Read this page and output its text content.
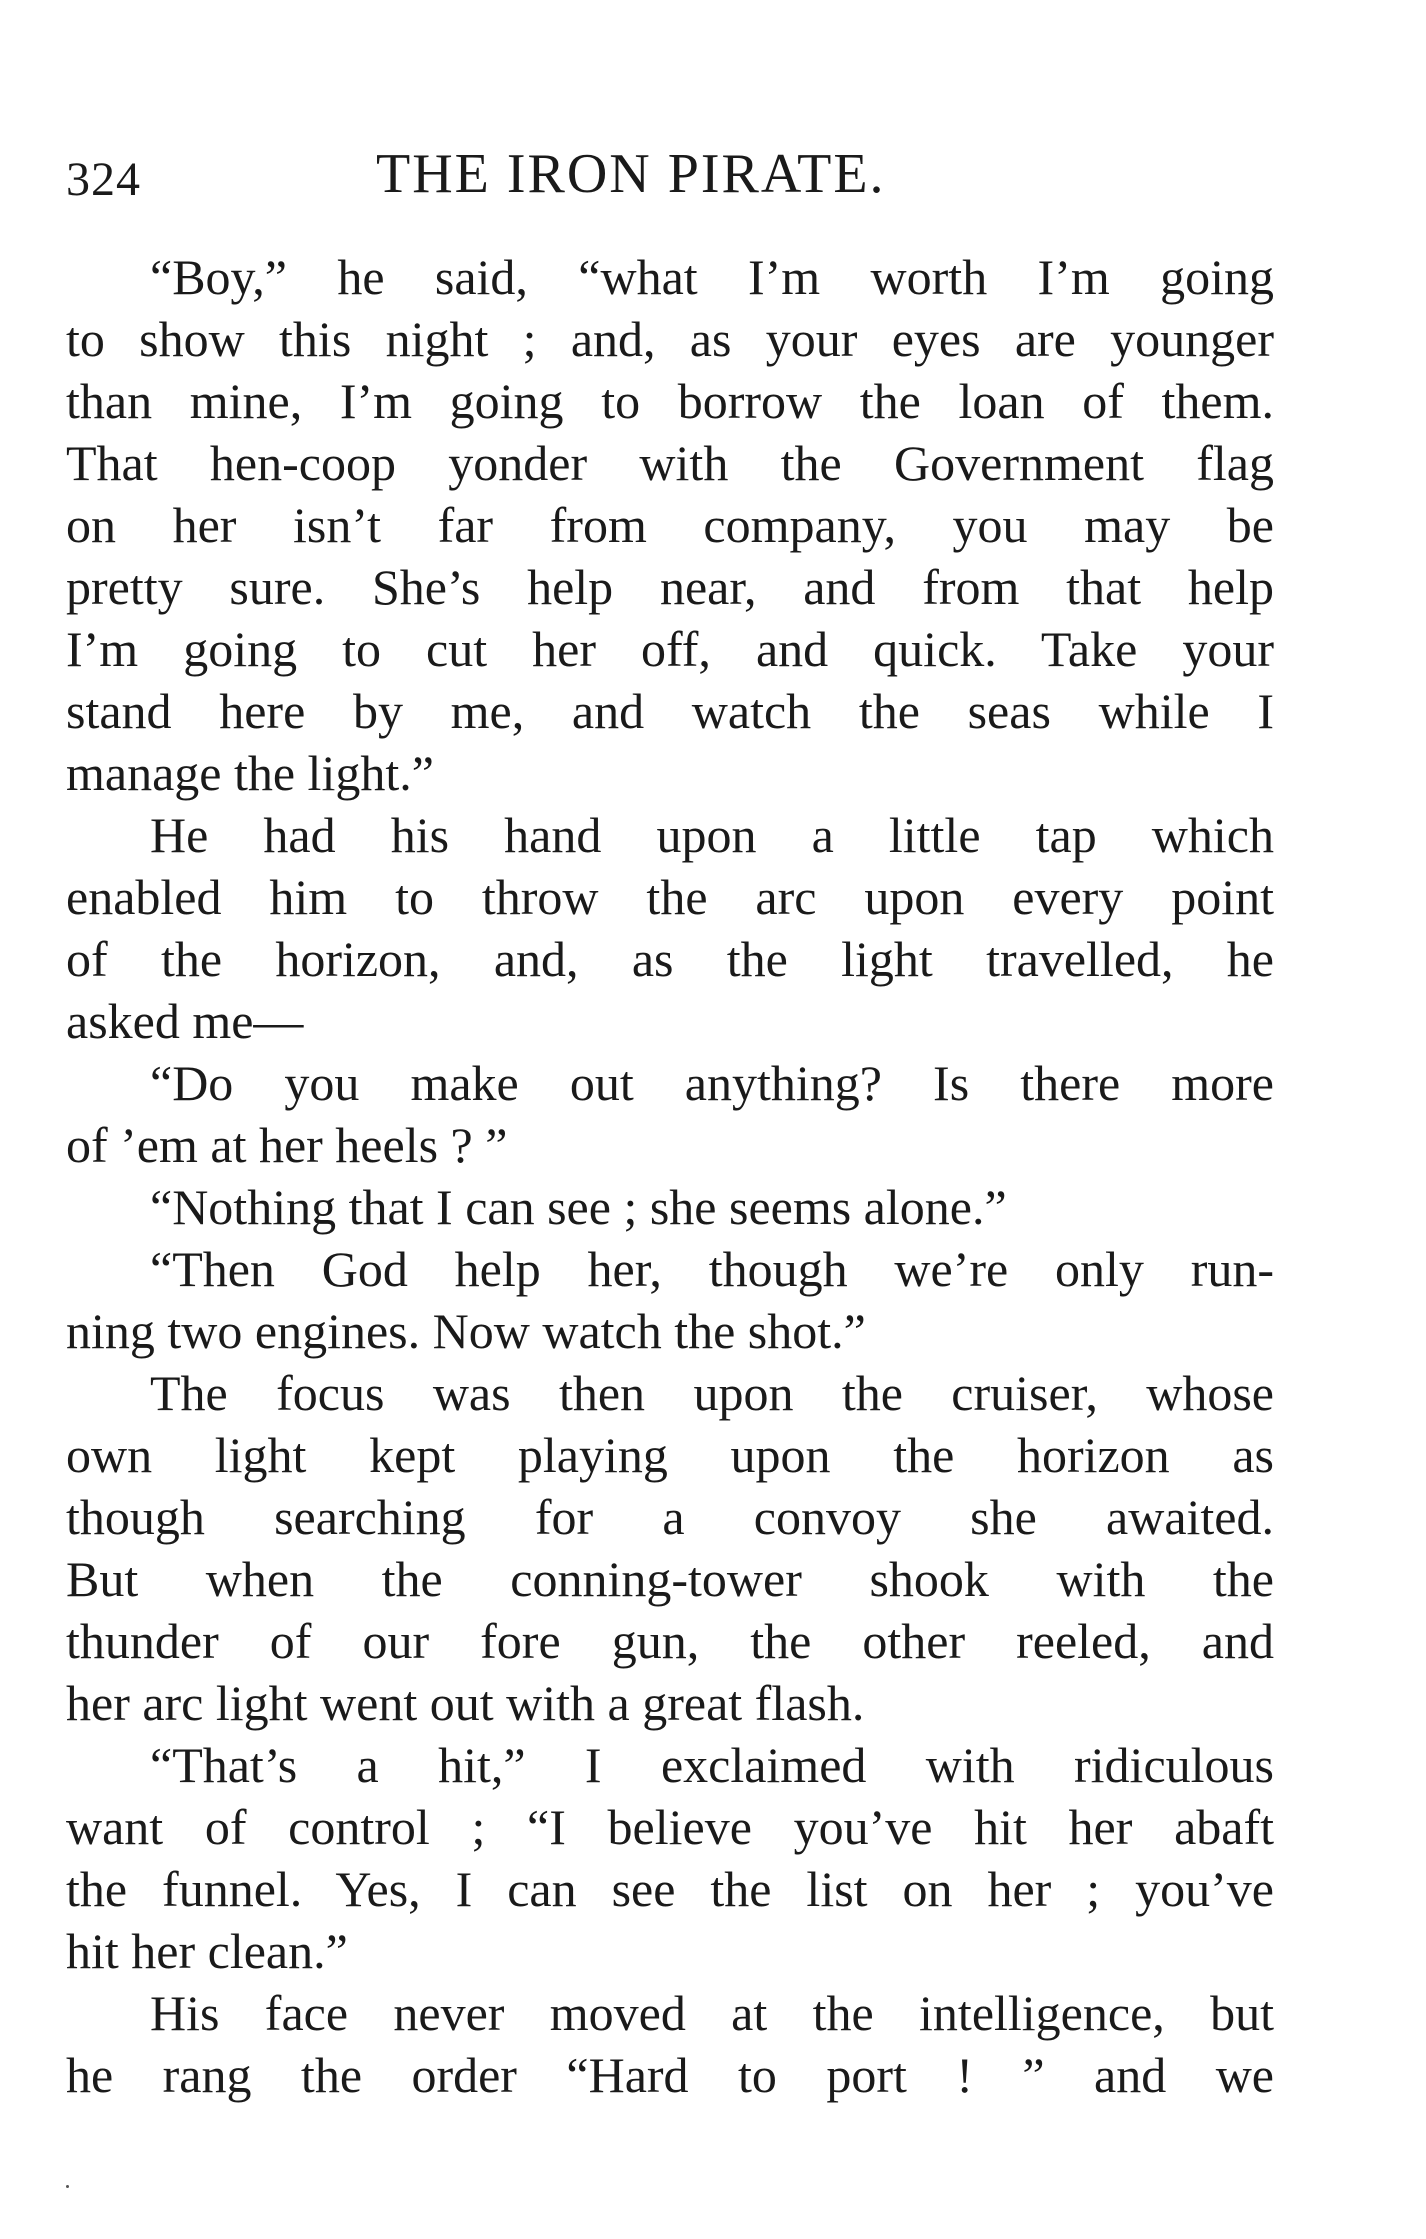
324	THE IRON PIRATE.
“Boy,” he said, “what I’m worth I’m going
to show this night ; and, as your eyes are younger
than mine, I’m going to borrow the loan of them.
That hen-coop yonder with the Government flag
on her isn’t far from company, you may be
pretty sure. She’s help near, and from that help
I’m going to cut her off, and quick. Take your
stand here by me, and watch the seas while I
manage the light.”
He had his hand upon a little tap which
enabled him to throw the arc upon every point
of the horizon, and, as the light travelled, he
asked me—
“Do you make out anything? Is there more
of ’em at her heels ? ”
“Nothing that I can see ; she seems alone.”
“Then God help her, though we’re only run-
ning two engines. Now watch the shot.”
The focus was then upon the cruiser, whose
own light kept playing upon the horizon as
though searching for a convoy she awaited.
But when the conning-tower shook with the
thunder of our fore gun, the other reeled, and
her arc light went out with a great flash.
“That’s a hit,” I exclaimed with ridiculous
want of control ; “I believe you’ve hit her abaft
the funnel. Yes, I can see the list on her ; you’ve
hit her clean.”
His face never moved at the intelligence, but
he rang the order “Hard to port ! ” and we
